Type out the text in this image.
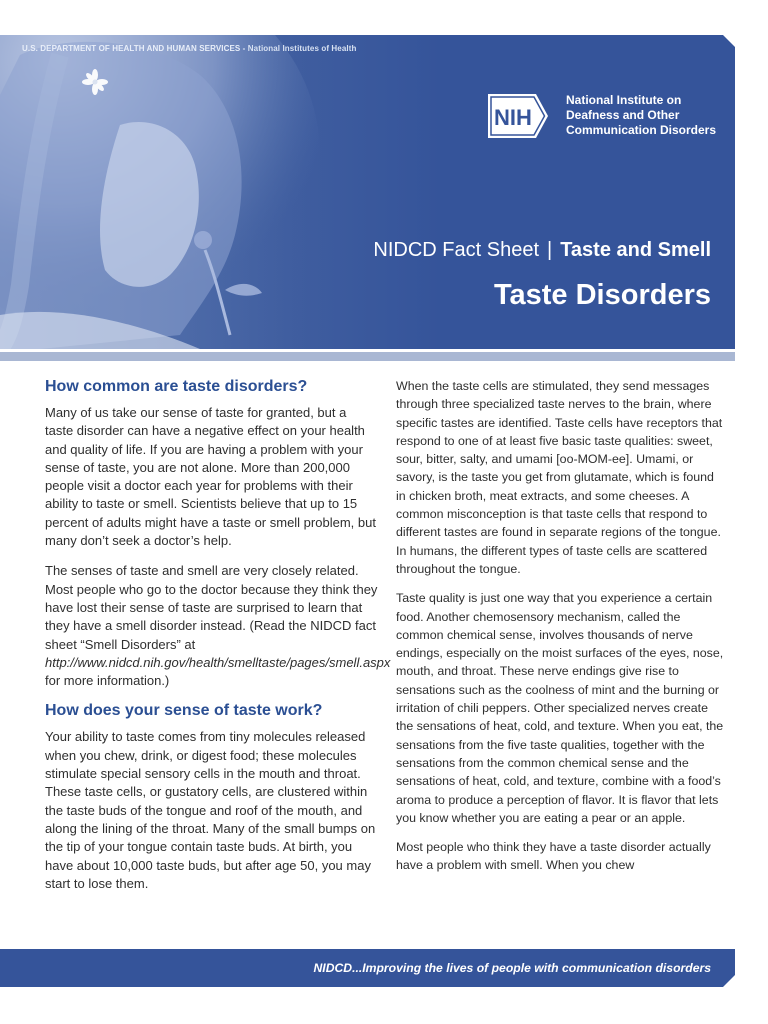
U.S. DEPARTMENT OF HEALTH AND HUMAN SERVICES - National Institutes of Health
NIH
National Institute on
Deafness and Other
Communication Disorders
NIDCD Fact Sheet | Taste and Smell
Taste Disorders
How common are taste disorders?

Many of us take our sense of taste for granted, but a taste disorder can have a negative effect on your health and quality of life. If you are having a problem with your sense of taste, you are not alone. More than 200,000 people visit a doctor each year for problems with their ability to taste or smell. Scientists believe that up to 15 percent of adults might have a taste or smell problem, but many don’t seek a doctor’s help.

The senses of taste and smell are very closely related. Most people who go to the doctor because they think they have lost their sense of taste are surprised to learn that they have a smell disorder instead. (Read the NIDCD fact sheet “Smell Disorders” at http://www.nidcd.nih.gov/health/smelltaste/pages/smell.aspx for more information.)

How does your sense of taste work?

Your ability to taste comes from tiny molecules released when you chew, drink, or digest food; these molecules stimulate special sensory cells in the mouth and throat. These taste cells, or gustatory cells, are clustered within the taste buds of the tongue and roof of the mouth, and along the lining of the throat. Many of the small bumps on the tip of your tongue contain taste buds. At birth, you have about 10,000 taste buds, but after age 50, you may start to lose them.

When the taste cells are stimulated, they send messages through three specialized taste nerves to the brain, where specific tastes are identified. Taste cells have receptors that respond to one of at least five basic taste qualities: sweet, sour, bitter, salty, and umami [oo-MOM-ee]. Umami, or savory, is the taste you get from glutamate, which is found in chicken broth, meat extracts, and some cheeses. A common misconception is that taste cells that respond to different tastes are found in separate regions of the tongue. In humans, the different types of taste cells are scattered throughout the tongue.

Taste quality is just one way that you experience a certain food. Another chemosensory mechanism, called the common chemical sense, involves thousands of nerve endings, especially on the moist surfaces of the eyes, nose, mouth, and throat. These nerve endings give rise to sensations such as the coolness of mint and the burning or irritation of chili peppers. Other specialized nerves create the sensations of heat, cold, and texture. When you eat, the sensations from the five taste qualities, together with the sensations from the common chemical sense and the sensations of heat, cold, and texture, combine with a food’s aroma to produce a perception of flavor. It is flavor that lets you know whether you are eating a pear or an apple.

Most people who think they have a taste disorder actually have a problem with smell. When you chew

NIDCD...Improving the lives of people with communication disorders
